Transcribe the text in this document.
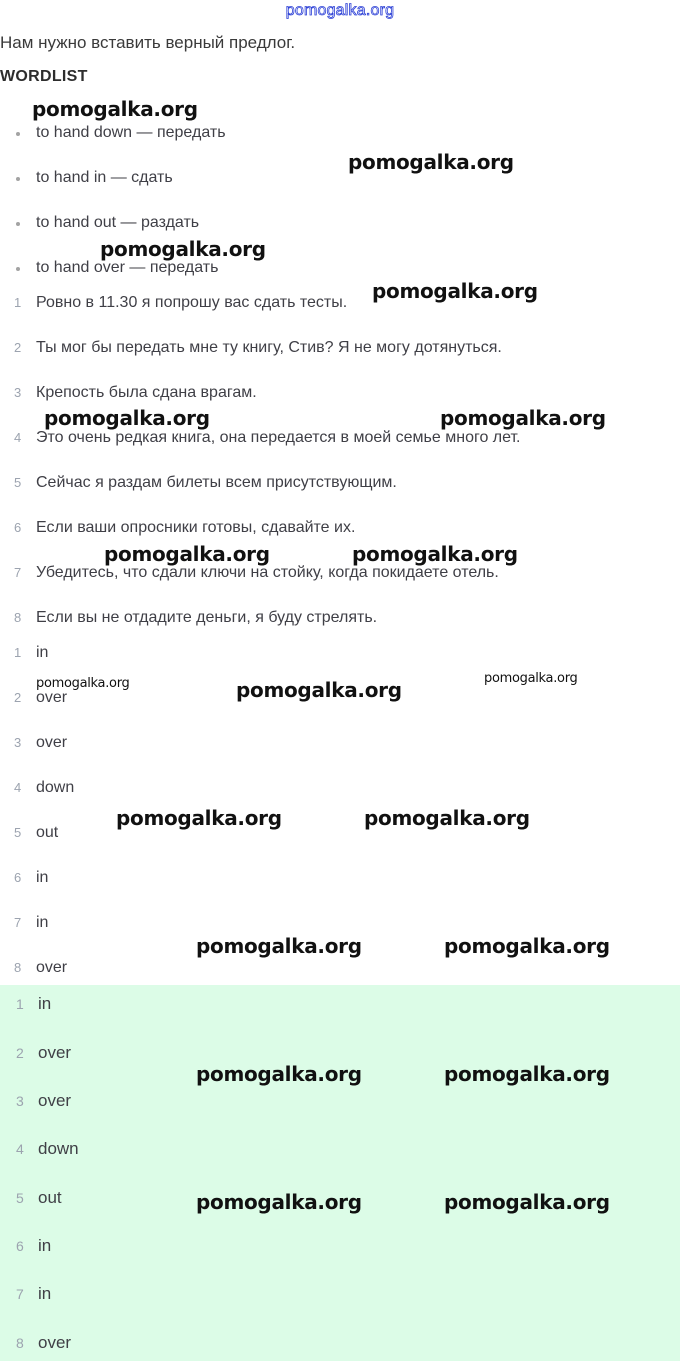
pomogalka.org
Нам нужно вставить верный предлог.
WORDLIST
to hand down — передать
to hand in — сдать
to hand out — раздать
to hand over — передать
1 Ровно в 11.30 я попрошу вас сдать тесты.
2 Ты мог бы передать мне ту книгу, Стив? Я не могу дотянуться.
3 Крепость была сдана врагам.
4 Это очень редкая книга, она передается в моей семье много лет.
5 Сейчас я раздам билеты всем присутствующим.
6 Если ваши опросники готовы, сдавайте их.
7 Убедитесь, что сдали ключи на стойку, когда покидаете отель.
8 Если вы не отдадите деньги, я буду стрелять.
1 in
2 over
3 over
4 down
5 out
6 in
7 in
8 over
1 in
2 over
3 over
4 down
5 out
6 in
7 in
8 over
pomogalka.org
pomogalka.org
pomogalka.org
pomogalka.org
pomogalka.org	pomogalka.org
pomogalka.org	pomogalka.org
pomogalka.org	pomogalka.org	pomogalka.org
pomogalka.org	pomogalka.org
pomogalka.org	pomogalka.org
pomogalka.org	pomogalka.org
pomogalka.org	pomogalka.org
